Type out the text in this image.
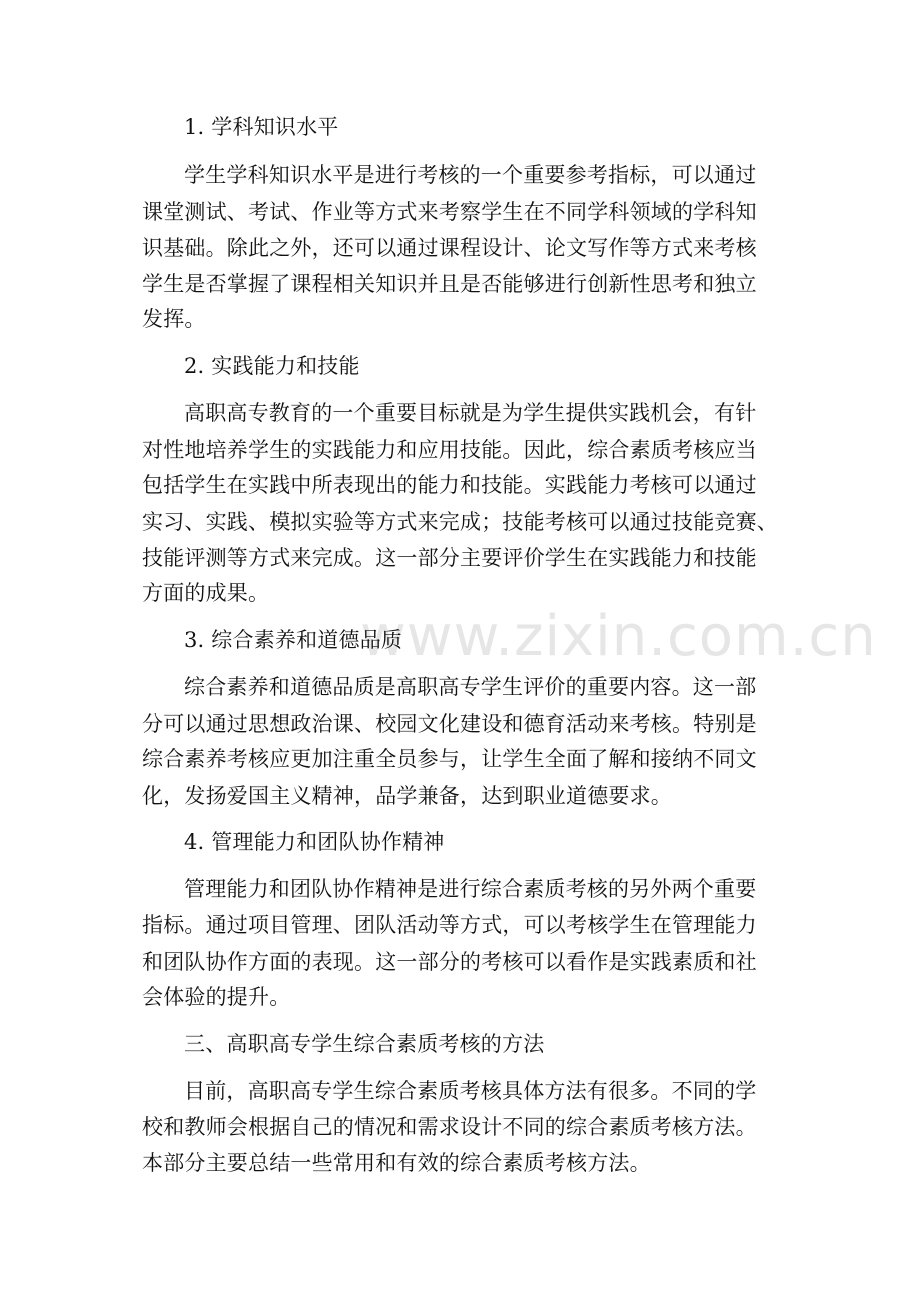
www.zixin.com.cn
1. 学科知识水平
学生学科知识水平是进行考核的一个重要参考指标，可以通过
课堂测试、考试、作业等方式来考察学生在不同学科领域的学科知
识基础。除此之外，还可以通过课程设计、论文写作等方式来考核
学生是否掌握了课程相关知识并且是否能够进行创新性思考和独立
发挥。
2. 实践能力和技能
高职高专教育的一个重要目标就是为学生提供实践机会，有针
对性地培养学生的实践能力和应用技能。因此，综合素质考核应当
包括学生在实践中所表现出的能力和技能。实践能力考核可以通过
实习、实践、模拟实验等方式来完成；技能考核可以通过技能竞赛、
技能评测等方式来完成。这一部分主要评价学生在实践能力和技能
方面的成果。
3. 综合素养和道德品质
综合素养和道德品质是高职高专学生评价的重要内容。这一部
分可以通过思想政治课、校园文化建设和德育活动来考核。特别是
综合素养考核应更加注重全员参与，让学生全面了解和接纳不同文
化，发扬爱国主义精神，品学兼备，达到职业道德要求。
4. 管理能力和团队协作精神
管理能力和团队协作精神是进行综合素质考核的另外两个重要
指标。通过项目管理、团队活动等方式，可以考核学生在管理能力
和团队协作方面的表现。这一部分的考核可以看作是实践素质和社
会体验的提升。
三、高职高专学生综合素质考核的方法
目前，高职高专学生综合素质考核具体方法有很多。不同的学
校和教师会根据自己的情况和需求设计不同的综合素质考核方法。
本部分主要总结一些常用和有效的综合素质考核方法。
